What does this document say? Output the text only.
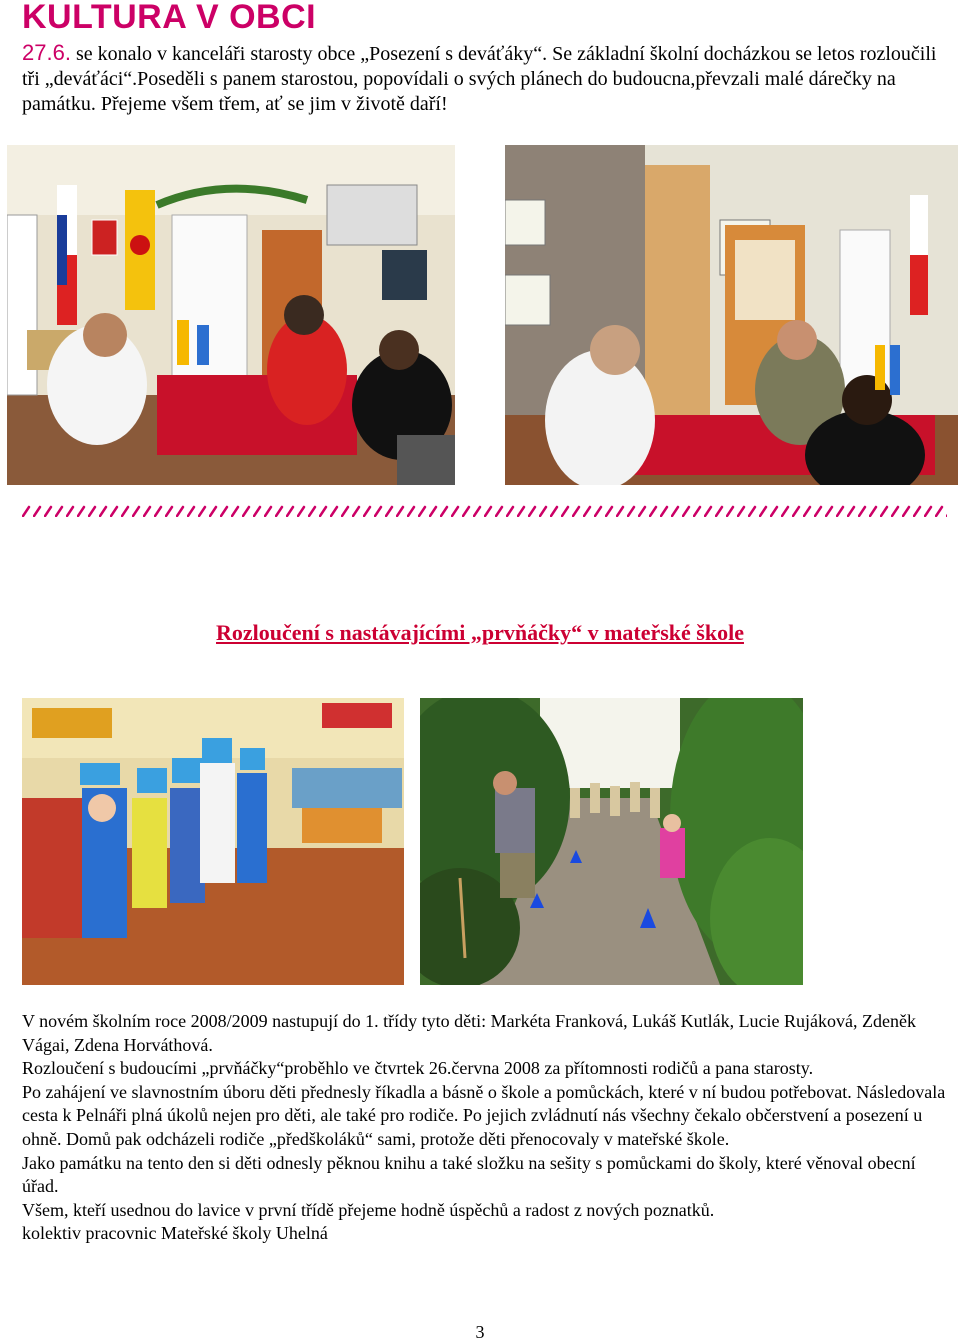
KULTURA V OBCI
27.6. se konalo v kanceláři starosty obce „Posezení s deváťáky“. Se základní školní docházkou se letos rozloučili tři „deváťáci“.Poseděli s panem starostou, popovídali o svých plánech do budoucna,převzali malé dárečky na památku. Přejeme všem třem, ať se jim v životě daří!
Rozloučení s nastávajícími „prvňáčky“ v mateřské škole

V novém školním roce 2008/2009 nastupují do 1. třídy tyto děti: Markéta Franková, Lukáš Kutlák, Lucie Rujáková, Zdeněk Vágai, Zdena Horváthová.

Rozloučení s budoucími „prvňáčky“proběhlo ve čtvrtek 26.června 2008 za přítomnosti rodičů a pana starosty.

Po zahájení ve slavnostním úboru děti přednesly říkadla a básně o škole a pomůckách, které v ní budou potřebovat. Následovala cesta k Pelnáři plná úkolů nejen pro děti, ale také pro rodiče. Po jejich zvládnutí nás všechny čekalo občerstvení a posezení u ohně. Domů pak odcházeli rodiče „předškoláků“ sami, protože děti přenocovaly v mateřské škole.

Jako památku na tento den si děti odnesly pěknou knihu a také složku na sešity s pomůckami do školy, které věnoval obecní úřad.

Všem, kteří usednou do lavice v první třídě přejeme hodně úspěchů a radost z nových poznatků.

kolektiv pracovnic Mateřské školy Uhelná

3
